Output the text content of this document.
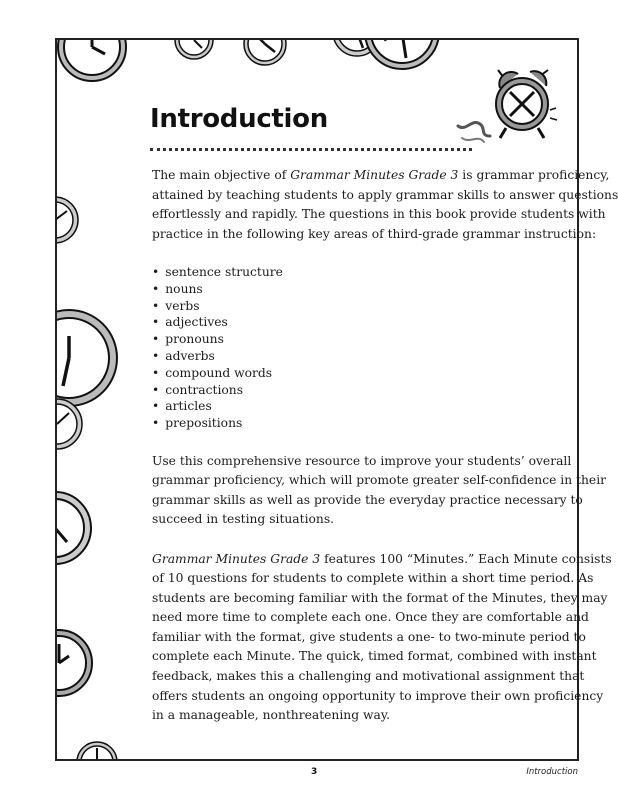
Introduction

The main objective of Grammar Minutes Grade 3 is grammar proficiency,
attained by teaching students to apply grammar skills to answer questions
effortlessly and rapidly. The questions in this book provide students with
practice in the following key areas of third-grade grammar instruction:

• sentence structure
• nouns
• verbs
• adjectives
• pronouns
• adverbs
• compound words
• contractions
• articles
• prepositions

Use this comprehensive resource to improve your students’ overall
grammar proficiency, which will promote greater self-confidence in their
grammar skills as well as provide the everyday practice necessary to
succeed in testing situations.

Grammar Minutes Grade 3 features 100 “Minutes.” Each Minute consists
of 10 questions for students to complete within a short time period. As
students are becoming familiar with the format of the Minutes, they may
need more time to complete each one. Once they are comfortable and
familiar with the format, give students a one- to two-minute period to
complete each Minute. The quick, timed format, combined with instant
feedback, makes this a challenging and motivational assignment that
offers students an ongoing opportunity to improve their own proficiency
in a manageable, nonthreatening way.

3	Introduction
